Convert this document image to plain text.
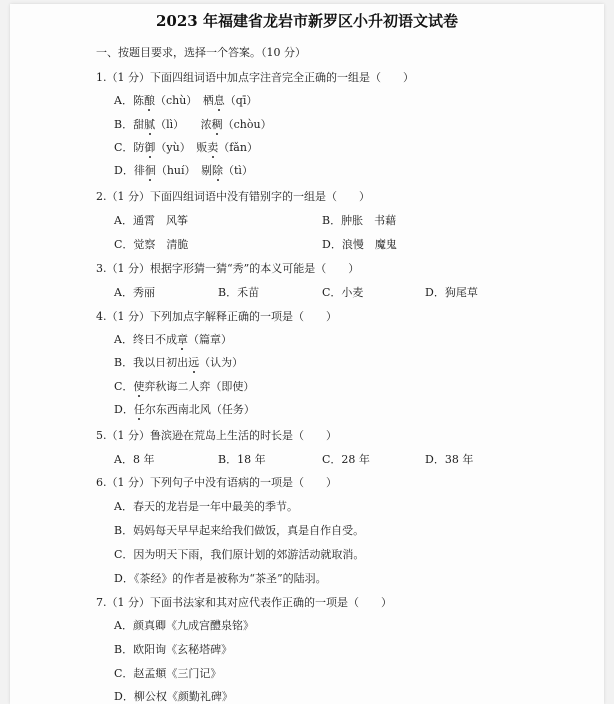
2023 年福建省龙岩市新罗区小升初语文试卷
一、按题目要求，选择一个答案。（10 分）
1.（1 分）下面四组词语中加点字注音完全正确的一组是（　　）
A．陈酿（chù）　栖息（qī）
B．甜腻（lì）　　浓稠（chòu）
C．防御（yù）　贩卖（fǎn）
D．徘徊（huí）　剔除（tì）
2.（1 分）下面四组词语中没有错别字的一组是（　　）
A．通霄　风筝	B．肿胀　书藉
C．觉察　清脆	D．浪慢　魔鬼
3.（1 分）根据字形猜一猜“秀”的本义可能是（　　）
A．秀丽	B．禾苗	C．小麦	D．狗尾草
4.（1 分）下列加点字解释正确的一项是（　　）
A．终日不成章（篇章）
B．我以日初出远（认为）
C．使弈秋诲二人弈（即使）
D．任尔东西南北风（任务）
5.（1 分）鲁滨逊在荒岛上生活的时长是（　　）
A．8 年	B．18 年	C．28 年	D．38 年
6.（1 分）下列句子中没有语病的一项是（　　）
A．春天的龙岩是一年中最美的季节。
B．妈妈每天早早起来给我们做饭，真是自作自受。
C．因为明天下雨，我们原计划的郊游活动就取消。
D．《茶经》的作者是被称为“茶圣”的陆羽。
7.（1 分）下面书法家和其对应代表作正确的一项是（　　）
A．颜真卿《九成宫醴泉铭》
B．欧阳询《玄秘塔碑》
C．赵孟頫《三门记》
D．柳公权《颜勤礼碑》
